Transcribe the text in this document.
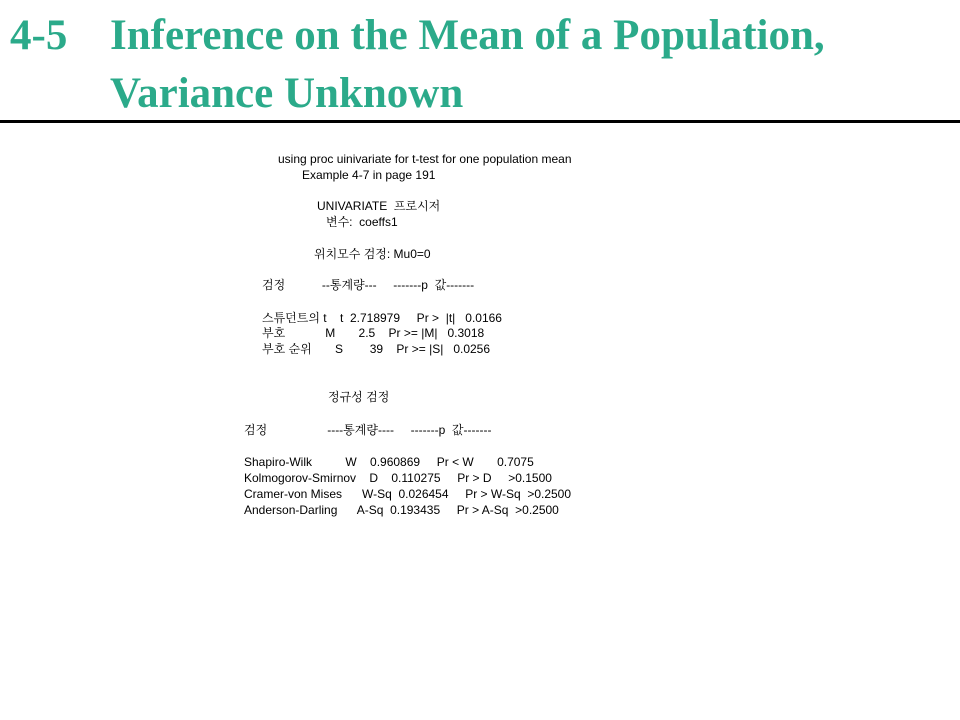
4-5 Inference on the Mean of a Population,
Variance Unknown
using proc uinivariate for t-test for one population mean
Example 4-7 in page 191
UNIVARIATE  프로시저
변수:  coeffs1
위치모수 검정: Mu0=0
검정           --통계량---     -------p  값-------
스튜던트의 t    t  2.718979     Pr >  |t|   0.0166
부호            M       2.5    Pr >= |M|   0.3018
부호 순위       S        39    Pr >= |S|   0.0256
정규성 검정
검정                  ----통계량----     -------p  값-------
Shapiro-Wilk          W    0.960869     Pr < W       0.7075
Kolmogorov-Smirnov    D    0.110275     Pr > D     >0.1500
Cramer-von Mises      W-Sq  0.026454     Pr > W-Sq  >0.2500
Anderson-Darling      A-Sq  0.193435     Pr > A-Sq  >0.2500
